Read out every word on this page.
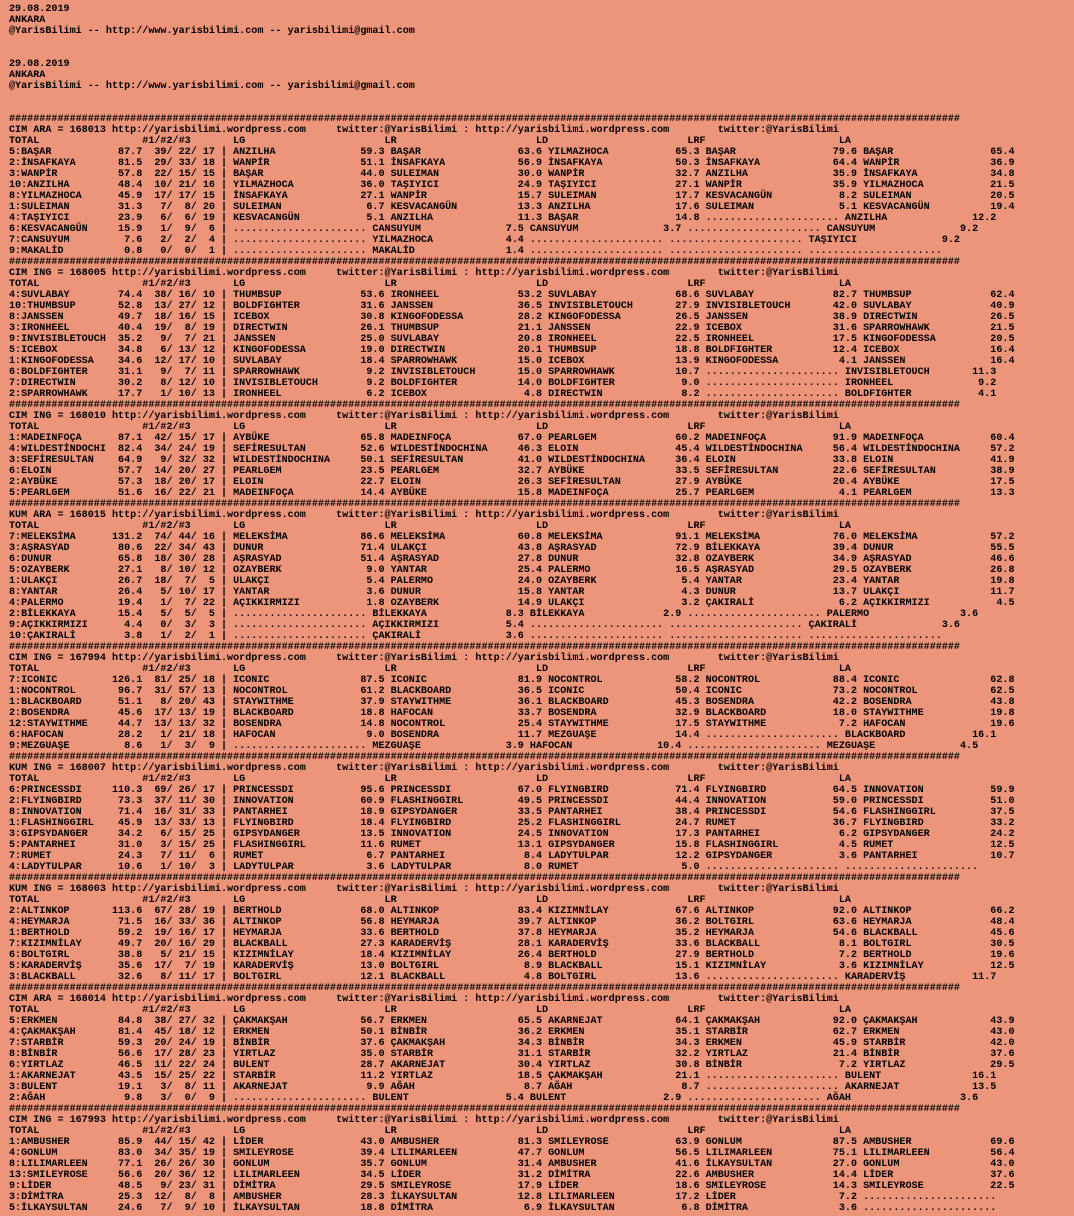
29.08.2019
ANKARA
@YarisBilimi -- http://www.yarisbilimi.com -- yarisbilimi@gmail.com
29.08.2019
ANKARA
@YarisBilimi -- http://www.yarisbilimi.com -- yarisbilimi@gmail.com
#############################################################################################################################################################
CIM ARA = 168013 http://yarisbilimi.wordpress.com     twitter:@YarisBilimi : http://yarisbilimi.wordpress.com        twitter:@YarisBilimi
TOTAL                 #1/#2/#3       LG                       LR                       LD                       LRF                      LA
5:BAŞAR           87.7  39/ 22/ 17 | ANZILHA              59.3 BAŞAR                63.6 YILMAZHOCA           65.3 BAŞAR                79.6 BAŞAR                65.4
2:İNSAFKAYA       81.5  29/ 33/ 18 | WANPİR               51.1 İNSAFKAYA            56.9 İNSAFKAYA            50.3 İNSAFKAYA            64.4 WANPİR               36.9
3:WANPİR          57.8  22/ 15/ 15 | BAŞAR                44.0 SULEIMAN             30.0 WANPİR               32.7 ANZILHA              35.9 İNSAFKAYA            34.8
10:ANZILHA        48.4  10/ 21/ 16 | YILMAZHOCA           36.0 TAŞIYICI             24.9 TAŞIYICI             27.1 WANPİR               35.9 YILMAZHOCA           21.5
8:YILMAZHOCA      45.9  17/ 17/ 15 | İNSAFKAYA            27.1 WANPİR               15.7 SULEIMAN             17.7 KESVACANGÜN           8.2 SULEIMAN             20.5
1:SULEIMAN        31.3   7/  8/ 20 | SULEIMAN              6.7 KESVACANGÜN          13.3 ANZILHA              17.6 SULEIMAN              5.1 KESVACANGÜN          19.4
4:TAŞIYICI        23.9   6/  6/ 19 | KESVACANGÜN           5.1 ANZILHA              11.3 BAŞAR                14.8 ...................... ANZILHA              12.2
6:KESVACANGÜN     15.9   1/  9/  6 | ...................... CANSUYUM              7.5 CANSUYUM              3.7 ...................... CANSUYUM              9.2
7:CANSUYUM         7.6   2/  2/  4 | ...................... YILMAZHOCA            4.4 ...................... ...................... TAŞIYICI              9.2
9:MAKALİD          0.8   0/  0/  1 | ...................... MAKALİD               1.4 ...................... ...................... ......................
#############################################################################################################################################################
CIM ING = 168005 http://yarisbilimi.wordpress.com     twitter:@YarisBilimi : http://yarisbilimi.wordpress.com        twitter:@YarisBilimi
TOTAL                 #1/#2/#3       LG                       LR                       LD                       LRF                      LA
4:SUVLABAY        74.4  38/ 16/ 10 | THUMBSUP             53.6 IRONHEEL             53.2 SUVLABAY             68.6 SUVLABAY             82.7 THUMBSUP             62.4
10:THUMBSUP       52.8  13/ 27/ 12 | BOLDFIGHTER          31.6 JANSSEN              36.5 INVISIBLETOUCH       27.9 INVISIBLETOUCH       42.0 SUVLABAY             40.9
8:JANSSEN         49.7  18/ 16/ 15 | ICEBOX               30.8 KINGOFODESSA         28.2 KINGOFODESSA         26.5 JANSSEN              38.9 DIRECTWIN            26.5
3:IRONHEEL        40.4  19/  8/ 19 | DIRECTWIN            26.1 THUMBSUP             21.1 JANSSEN              22.9 ICEBOX               31.6 SPARROWHAWK          21.5
9:INVISIBLETOUCH  35.2   9/  7/ 21 | JANSSEN              25.0 SUVLABAY             20.8 IRONHEEL             22.5 IRONHEEL             17.5 KINGOFODESSA         20.5
5:ICEBOX          34.8   6/ 13/ 12 | KINGOFODESSA         19.0 DIRECTWIN            20.1 THUMBSUP             18.8 BOLDFIGHTER          12.4 ICEBOX               16.4
1:KINGOFODESSA    34.6  12/ 17/ 10 | SUVLABAY             18.4 SPARROWHAWK          15.0 ICEBOX               13.9 KINGOFODESSA          4.1 JANSSEN              16.4
6:BOLDFIGHTER     31.1   9/  7/ 11 | SPARROWHAWK           9.2 INVISIBLETOUCH       15.0 SPARROWHAWK          10.7 ...................... INVISIBLETOUCH       11.3
7:DIRECTWIN       30.2   8/ 12/ 10 | INVISIBLETOUCH        9.2 BOLDFIGHTER          14.0 BOLDFIGHTER           9.0 ...................... IRONHEEL              9.2
2:SPARROWHAWK     17.7   1/ 10/ 13 | IRONHEEL              6.2 ICEBOX                4.8 DIRECTWIN             8.2 ...................... BOLDFIGHTER           4.1
#############################################################################################################################################################
CIM ING = 168010 http://yarisbilimi.wordpress.com     twitter:@YarisBilimi : http://yarisbilimi.wordpress.com        twitter:@YarisBilimi
TOTAL                 #1/#2/#3       LG                       LR                       LD                       LRF                      LA
1:MADEINFOÇA      87.1  42/ 15/ 17 | AYBÜKE               65.8 MADEINFOÇA           67.0 PEARLGEM             60.2 MADEINFOÇA           91.9 MADEINFOÇA           60.4
4:WILDESTİNDOCHI  82.4  34/ 24/ 19 | SEFİRESULTAN         52.6 WILDESTİNDOCHINA     46.3 ELOIN                45.4 WILDESTİNDOCHINA     56.4 WILDESTİNDOCHINA     57.2
3:SEFİRESULTAN    64.9   9/ 32/ 32 | WILDESTİNDOCHINA     50.1 SEFİRESULTAN         41.0 WILDESTİNDOCHINA     36.4 ELOIN                33.8 ELOIN                41.9
6:ELOIN           57.7  14/ 20/ 27 | PEARLGEM             23.5 PEARLGEM             32.7 AYBÜKE               33.5 SEFİRESULTAN         22.6 SEFİRESULTAN         38.9
2:AYBÜKE          57.3  18/ 20/ 17 | ELOIN                22.7 ELOIN                26.3 SEFİRESULTAN         27.9 AYBÜKE               20.4 AYBÜKE               17.5
5:PEARLGEM        51.6  16/ 22/ 21 | MADEINFOÇA           14.4 AYBÜKE               15.8 MADEINFOÇA           25.7 PEARLGEM              4.1 PEARLGEM             13.3
#############################################################################################################################################################
KUM ARA = 168015 http://yarisbilimi.wordpress.com     twitter:@YarisBilimi : http://yarisbilimi.wordpress.com        twitter:@YarisBilimi
TOTAL                 #1/#2/#3       LG                       LR                       LD                       LRF                      LA
7:MELEKSİMA      131.2  74/ 44/ 16 | MELEKSİMA            86.6 MELEKSİMA            60.8 MELEKSİMA            91.1 MELEKSİMA            76.0 MELEKSİMA            57.2
3:AŞRASYAD        80.6  22/ 34/ 43 | DUNUR                71.4 ULAKÇI               43.8 AŞRASYAD             72.9 BİLEKKAYA            39.4 DUNUR                55.5
6:DUNUR           65.8  18/ 30/ 28 | AŞRASYAD             51.4 AŞRASYAD             27.8 DUNUR                32.8 OZAYBERK             34.9 AŞRASYAD             46.6
5:OZAYBERK        27.1   8/ 10/ 12 | OZAYBERK              9.0 YANTAR               25.4 PALERMO              16.5 AŞRASYAD             29.5 OZAYBERK             26.8
1:ULAKÇI          26.7  18/  7/  5 | ULAKÇI                5.4 PALERMO              24.0 OZAYBERK              5.4 YANTAR               23.4 YANTAR               19.8
8:YANTAR          26.4   5/ 10/ 17 | YANTAR                3.6 DUNUR                15.8 YANTAR                4.3 DUNUR                13.7 ULAKÇI               11.7
4:PALERMO         19.4   1/  7/ 22 | AÇIKKIRMIZI           1.8 OZAYBERK             14.9 ULAKÇI                3.2 ÇAKIRALİ              6.2 AÇIKKIRMIZI           4.5
2:BİLEKKAYA       15.4   5/  5/  5 | ...................... BİLEKKAYA             8.3 BİLEKKAYA             2.9 ...................... PALERMO               3.6
9:AÇIKKIRMIZI      4.4   0/  3/  3 | ...................... AÇIKKIRMIZI           5.4 ...................... ...................... ÇAKIRALİ              3.6
10:ÇAKIRALİ        3.8   1/  2/  1 | ...................... ÇAKIRALİ              3.6 ...................... ...................... ......................
#############################################################################################################################################################
CIM ING = 167994 http://yarisbilimi.wordpress.com     twitter:@YarisBilimi : http://yarisbilimi.wordpress.com        twitter:@YarisBilimi
TOTAL                 #1/#2/#3       LG                       LR                       LD                       LRF                      LA
7:ICONIC         126.1  81/ 25/ 18 | ICONIC               87.5 ICONIC               81.9 NOCONTROL            58.2 NOCONTROL            88.4 ICONIC               62.8
1:NOCONTROL       96.7  31/ 57/ 13 | NOCONTROL            61.2 BLACKBOARD           36.5 ICONIC               50.4 ICONIC               73.2 NOCONTROL            62.5
1:BLACKBOARD      51.1   8/ 20/ 43 | STAYWITHME           37.9 STAYWITHME           36.1 BLACKBOARD           45.3 BOSENDRA             42.2 BOSENDRA             43.8
2:BOSENDRA        45.6  17/ 13/ 19 | BLACKBOARD           18.8 HAFOCAN              33.7 BOSENDRA             32.9 BLACKBOARD           18.0 STAYWITHME           19.8
12:STAYWITHME     44.7  13/ 13/ 32 | BOSENDRA             14.8 NOCONTROL            25.4 STAYWITHME           17.5 STAYWITHME            7.2 HAFOCAN              19.6
6:HAFOCAN         28.2   1/ 21/ 18 | HAFOCAN               9.0 BOSENDRA             11.7 MEZGUAŞE             14.4 ...................... BLACKBOARD           16.1
9:MEZGUAŞE         8.6   1/  3/  9 | ...................... MEZGUAŞE              3.9 HAFOCAN              10.4 ...................... MEZGUAŞE              4.5
#############################################################################################################################################################
KUM ING = 168007 http://yarisbilimi.wordpress.com     twitter:@YarisBilimi : http://yarisbilimi.wordpress.com        twitter:@YarisBilimi
TOTAL                 #1/#2/#3       LG                       LR                       LD                       LRF                      LA
6:PRINCESSDI     110.3  69/ 26/ 17 | PRINCESSDI           95.6 PRINCESSDI           67.0 FLYINGBIRD           71.4 FLYINGBIRD           64.5 INNOVATION           59.9
2:FLYINGBIRD      73.3  37/ 11/ 30 | INNOVATION           60.9 FLASHINGGIRL         49.5 PRINCESSDI           44.4 INNOVATION           59.0 PRINCESSDI           51.0
8:INNOVATION      71.4  16/ 31/ 33 | PANTARHEI            18.9 GIPSYDANGER          33.5 PANTARHEI            38.4 PRINCESSDI           54.6 FLASHINGGIRL         37.5
1:FLASHINGGIRL    45.9  13/ 33/ 13 | FLYINGBIRD           18.4 FLYINGBIRD           25.2 FLASHINGGIRL         24.7 RUMET                36.7 FLYINGBIRD           33.2
3:GIPSYDANGER     34.2   6/ 15/ 25 | GIPSYDANGER          13.5 INNOVATION           24.5 INNOVATION           17.3 PANTARHEI             6.2 GIPSYDANGER          24.2
5:PANTARHEI       31.0   3/ 15/ 25 | FLASHINGGIRL         11.6 RUMET                13.1 GIPSYDANGER          15.8 FLASHINGGIRL          4.5 RUMET                12.5
7:RUMET           24.3   7/ 11/  6 | RUMET                 6.7 PANTARHEI             8.4 LADYTULPAR           12.2 GIPSYDANGER           3.6 PANTARHEI            10.7
4:LADYTULPAR      10.6   1/ 10/  3 | LADYTULPAR            3.6 LADYTULPAR            8.0 RUMET                 5.0 ...................... ......................
#############################################################################################################################################################
KUM ING = 168003 http://yarisbilimi.wordpress.com     twitter:@YarisBilimi : http://yarisbilimi.wordpress.com        twitter:@YarisBilimi
TOTAL                 #1/#2/#3       LG                       LR                       LD                       LRF                      LA
2:ALTINKOP       113.6  67/ 28/ 19 | BERTHOLD             68.0 ALTINKOP             83.4 KIZIMNİLAY           67.6 ALTINKOP             92.0 ALTINKOP             66.2
4:HEYMARJA        71.5  16/ 33/ 36 | ALTINKOP             56.8 HEYMARJA             39.7 ALTINKOP             36.2 BOLTGIRL             63.6 HEYMARJA             48.4
1:BERTHOLD        59.2  19/ 16/ 17 | HEYMARJA             33.6 BERTHOLD             37.8 HEYMARJA             35.2 HEYMARJA             54.6 BLACKBALL            45.6
7:KIZIMNİLAY      49.7  20/ 16/ 29 | BLACKBALL            27.3 KARADERVİŞ           28.1 KARADERVİŞ           33.6 BLACKBALL             8.1 BOLTGIRL             30.5
6:BOLTGIRL        38.8   5/ 21/ 15 | KIZIMNİLAY           18.4 KIZIMNİLAY           26.4 BERTHOLD             27.9 BERTHOLD              7.2 BERTHOLD             19.6
5:KARADERVİŞ      35.6  17/  7/ 19 | KARADERVİŞ           13.0 BOLTGIRL              8.9 BLACKBALL            15.1 KIZIMNİLAY            3.6 KIZIMNİLAY           12.5
3:BLACKBALL       32.6   8/ 11/ 17 | BOLTGIRL             12.1 BLACKBALL             4.8 BOLTGIRL             13.6 ...................... KARADERVİŞ           11.7
#############################################################################################################################################################
CIM ARA = 168014 http://yarisbilimi.wordpress.com     twitter:@YarisBilimi : http://yarisbilimi.wordpress.com        twitter:@YarisBilimi
TOTAL                 #1/#2/#3       LG                       LR                       LD                       LRF                      LA
5:ERKMEN          84.8  38/ 27/ 32 | ÇAKMAKŞAH            56.7 ERKMEN               65.5 AKARNEJAT            64.1 ÇAKMAKŞAH            92.0 ÇAKMAKŞAH            43.9
4:ÇAKMAKŞAH       81.4  45/ 18/ 12 | ERKMEN               50.1 BİNBİR               36.2 ERKMEN               35.1 STARBİR              62.7 ERKMEN               43.0
7:STARBİR         59.3  20/ 24/ 19 | BİNBİR               37.6 ÇAKMAKŞAH            34.3 BİNBİR               34.3 ERKMEN               45.9 STARBİR              42.0
8:BİNBİR          56.6  17/ 28/ 23 | YIRTLAZ              35.0 STARBİR              31.1 STARBİR              32.2 YIRTLAZ              21.4 BİNBİR               37.6
6:YIRTLAZ         46.5  11/ 22/ 24 | BULENT               28.7 AKARNEJAT            30.4 YIRTLAZ              30.8 BİNBİR                7.2 YIRTLAZ              29.5
1:AKARNEJAT       43.5  15/ 25/ 22 | STARBİR              11.2 YIRTLAZ              18.5 ÇAKMAKŞAH            21.1 ...................... BULENT               16.1
3:BULENT          19.1   3/  8/ 11 | AKARNEJAT             9.9 AĞAH                  8.7 AĞAH                  8.7 ...................... AKARNEJAT            13.5
2:AĞAH             9.8   3/  0/  9 | ...................... BULENT                5.4 BULENT                2.9 ...................... AĞAH                  3.6
#############################################################################################################################################################
CIM ING = 167993 http://yarisbilimi.wordpress.com     twitter:@YarisBilimi : http://yarisbilimi.wordpress.com        twitter:@YarisBilimi
TOTAL                 #1/#2/#3       LG                       LR                       LD                       LRF                      LA
1:AMBUSHER        85.9  44/ 15/ 42 | LİDER                43.0 AMBUSHER             81.3 SMILEYROSE           63.9 GONLUM               87.5 AMBUSHER             69.6
4:GONLUM          83.0  34/ 35/ 19 | SMILEYROSE           39.4 LILIMARLEEN          47.7 GONLUM               56.5 LILIMARLEEN          75.1 LILIMARLEEN          56.4
8:LILIMARLEEN     77.1  26/ 26/ 30 | GONLUM               35.7 GONLUM               31.4 AMBUSHER             41.6 İLKAYSULTAN          27.0 GONLUM               43.0
13:SMILEYROSE     56.6  20/ 36/ 12 | LILIMARLEEN          34.5 LİDER                31.2 DİMİTRA              22.6 AMBUSHER             14.4 LİDER                37.6
9:LİDER           48.5   9/ 23/ 31 | DİMİTRA              29.5 SMILEYROSE           17.9 LİDER                18.6 SMILEYROSE           14.3 SMILEYROSE           22.5
3:DİMİTRA         25.3  12/  8/  8 | AMBUSHER             28.3 İLKAYSULTAN          12.8 LILIMARLEEN          17.2 LİDER                 7.2 ......................
5:İLKAYSULTAN     24.6   7/  9/ 10 | İLKAYSULTAN          18.8 DİMİTRA               6.9 İLKAYSULTAN           6.8 DİMİTRA               3.6 ......................
